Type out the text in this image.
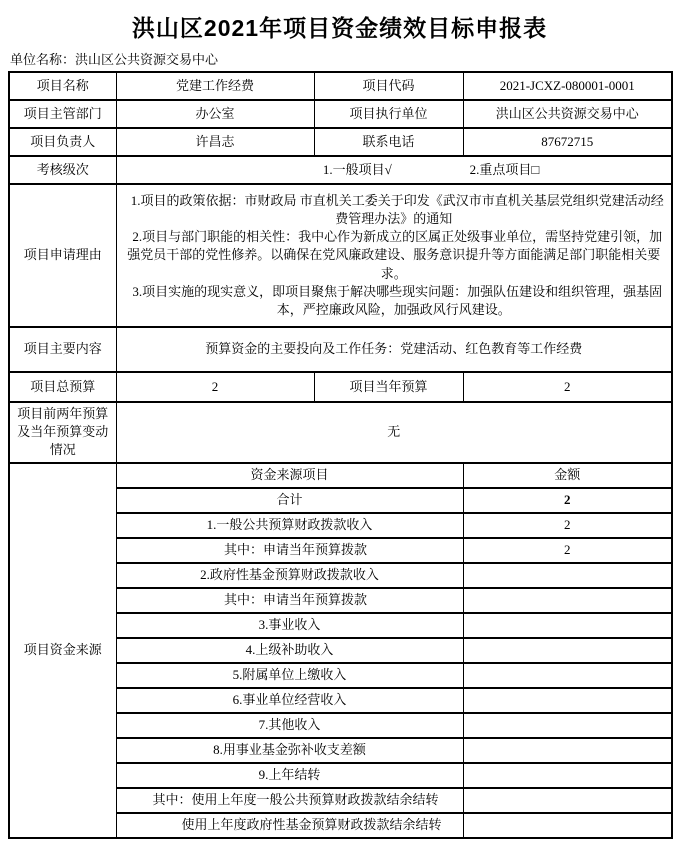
洪山区2021年项目资金绩效目标申报表
单位名称：洪山区公共资源交易中心
项目名称	党建工作经费	项目代码	2021-JCXZ-080001-0001
项目主管部门	办公室	项目执行单位	洪山区公共资源交易中心
项目负责人	许昌志	联系电话	87672715
考核级次	1.一般项目√ 2.重点项目□		
项目申请理由	1.项目的政策依据：市财政局 市直机关工委关于印发《武汉市市直机关基层党组织党建活动经费管理办法》的通知
2.项目与部门职能的相关性：我中心作为新成立的区属正处级事业单位，需坚持党建引领，加强党员干部的党性修养。以确保在党风廉政建设、服务意识提升等方面能满足部门职能相关要求。
3.项目实施的现实意义，即项目聚焦于解决哪些现实问题：加强队伍建设和组织管理，强基固本，严控廉政风险，加强政风行风建设。		

项目主要内容	预算资金的主要投向及工作任务：党建活动、红色教育等工作经费		
项目总预算	2	项目当年预算	2
项目前两年预算及当年预算变动情况	无		
项目资金来源	资金来源项目		金额
	合计		2
	1.一般公共预算财政拨款收入		2
	其中：申请当年预算拨款		2
	2.政府性基金预算财政拨款收入		
	其中：申请当年预算拨款		
	3.事业收入		
	4.上级补助收入		
	5.附属单位上缴收入		
	6.事业单位经营收入		
	7.其他收入		
	8.用事业基金弥补收支差额		
	9.上年结转		
	其中：使用上年度一般公共预算财政拨款结余结转		
	使用上年度政府性基金预算财政拨款结余结转		
